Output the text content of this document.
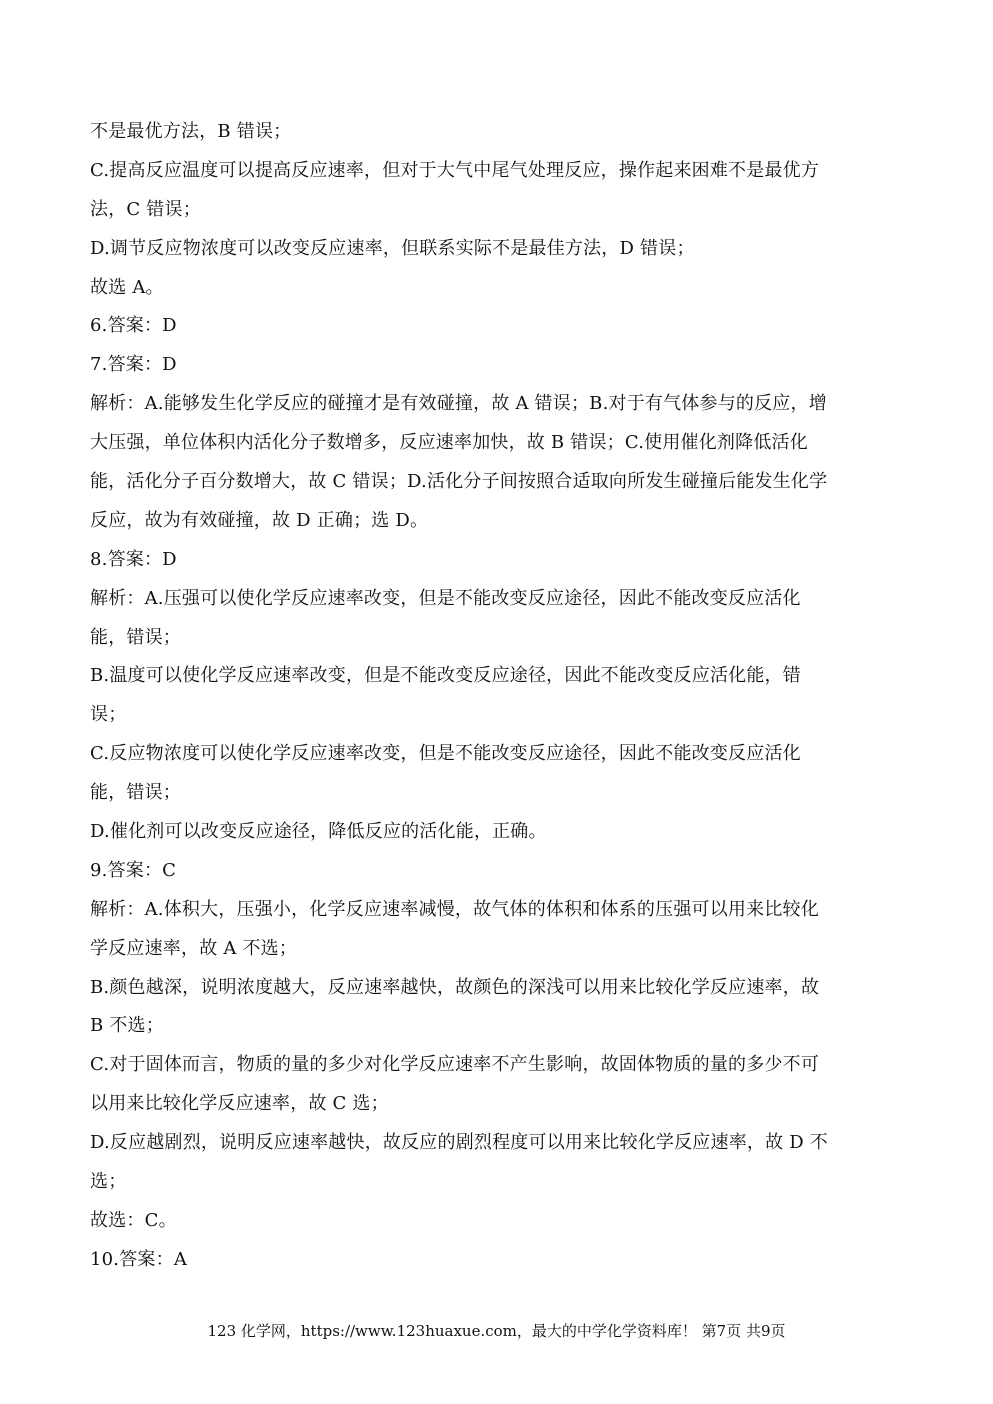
不是最优方法，B 错误；
C.提高反应温度可以提高反应速率，但对于大气中尾气处理反应，操作起来困难不是最优方
法，C 错误；
D.调节反应物浓度可以改变反应速率，但联系实际不是最佳方法，D 错误；
故选 A。
6.答案：D
7.答案：D
解析：A.能够发生化学反应的碰撞才是有效碰撞，故 A 错误；B.对于有气体参与的反应，增
大压强，单位体积内活化分子数增多，反应速率加快，故 B 错误；C.使用催化剂降低活化
能，活化分子百分数增大，故 C 错误；D.活化分子间按照合适取向所发生碰撞后能发生化学
反应，故为有效碰撞，故 D 正确；选 D。
8.答案：D
解析：A.压强可以使化学反应速率改变，但是不能改变反应途径，因此不能改变反应活化
能，错误；
B.温度可以使化学反应速率改变，但是不能改变反应途径，因此不能改变反应活化能，错
误；
C.反应物浓度可以使化学反应速率改变，但是不能改变反应途径，因此不能改变反应活化
能，错误；
D.催化剂可以改变反应途径，降低反应的活化能，正确。
9.答案：C
解析：A.体积大，压强小，化学反应速率减慢，故气体的体积和体系的压强可以用来比较化
学反应速率，故 A 不选；
B.颜色越深，说明浓度越大，反应速率越快，故颜色的深浅可以用来比较化学反应速率，故
B 不选；
C.对于固体而言，物质的量的多少对化学反应速率不产生影响，故固体物质的量的多少不可
以用来比较化学反应速率，故 C 选；
D.反应越剧烈，说明反应速率越快，故反应的剧烈程度可以用来比较化学反应速率，故 D 不
选；
故选：C。
10.答案：A
123 化学网，https://www.123huaxue.com，最大的中学化学资料库！ 第7页 共9页
